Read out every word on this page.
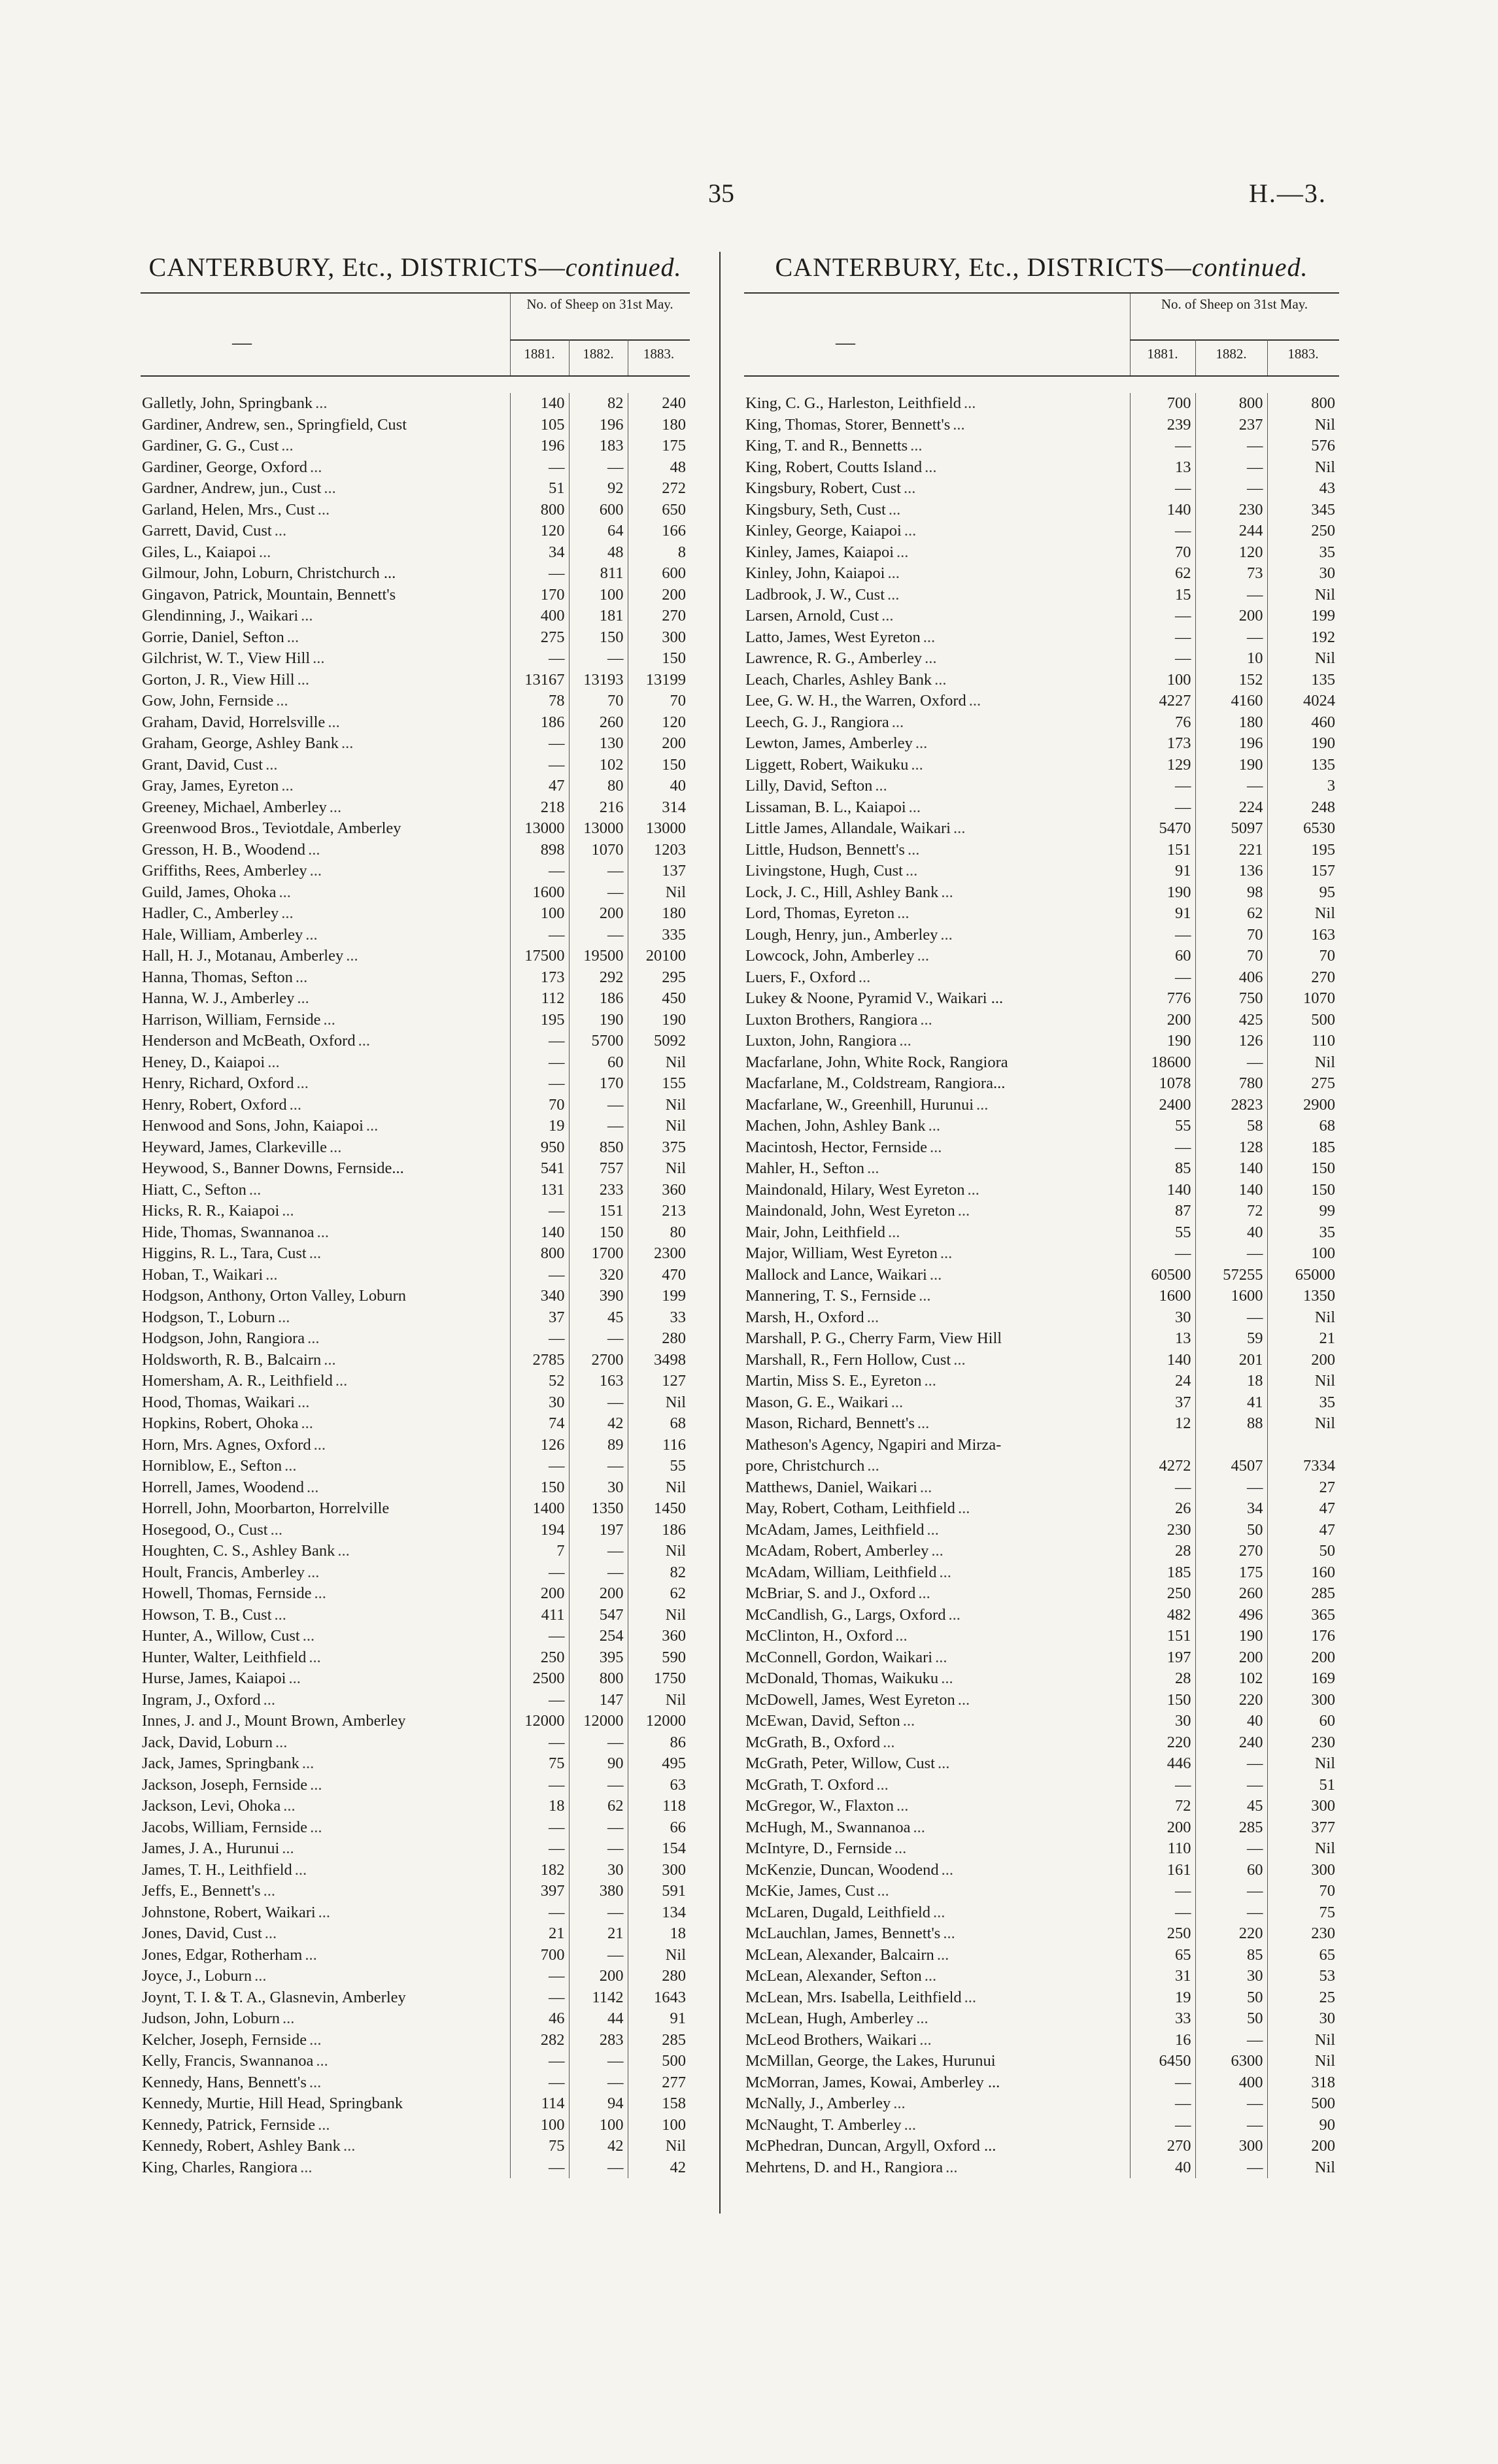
35	H.—3.
CANTERBURY, Etc., DISTRICTS—continued.
—
No. of Sheep on 31st May.
1881.	1882.	1883.
Galletly, John, Springbank ...	140	82	240
Gardiner, Andrew, sen., Springfield, Cust	105	196	180
Gardiner, G. G., Cust ...	196	183	175
Gardiner, George, Oxford ...	—	—	48
Gardner, Andrew, jun., Cust ...	51	92	272
Garland, Helen, Mrs., Cust ...	800	600	650
Garrett, David, Cust ...	120	64	166
Giles, L., Kaiapoi ...	34	48	8
Gilmour, John, Loburn, Christchurch ...	—	811	600
Gingavon, Patrick, Mountain, Bennett's	170	100	200
Glendinning, J., Waikari ...	400	181	270
Gorrie, Daniel, Sefton ...	275	150	300
Gilchrist, W. T., View Hill ...	—	—	150
Gorton, J. R., View Hill ...	13167	13193	13199
Gow, John, Fernside ...	78	70	70
Graham, David, Horrelsville ...	186	260	120
Graham, George, Ashley Bank ...	—	130	200
Grant, David, Cust ...	—	102	150
Gray, James, Eyreton ...	47	80	40
Greeney, Michael, Amberley ...	218	216	314
Greenwood Bros., Teviotdale, Amberley	13000	13000	13000
Gresson, H. B., Woodend ...	898	1070	1203
Griffiths, Rees, Amberley ...	—	—	137
Guild, James, Ohoka ...	1600	—	Nil
Hadler, C., Amberley ...	100	200	180
Hale, William, Amberley ...	—	—	335
Hall, H. J., Motanau, Amberley ...	17500	19500	20100
Hanna, Thomas, Sefton ...	173	292	295
Hanna, W. J., Amberley ...	112	186	450
Harrison, William, Fernside ...	195	190	190
Henderson and McBeath, Oxford ...	—	5700	5092
Heney, D., Kaiapoi ...	—	60	Nil
Henry, Richard, Oxford ...	—	170	155
Henry, Robert, Oxford ...	70	—	Nil
Henwood and Sons, John, Kaiapoi ...	19	—	Nil
Heyward, James, Clarkeville ...	950	850	375
Heywood, S., Banner Downs, Fernside...	541	757	Nil
Hiatt, C., Sefton ...	131	233	360
Hicks, R. R., Kaiapoi ...	—	151	213
Hide, Thomas, Swannanoa ...	140	150	80
Higgins, R. L., Tara, Cust ...	800	1700	2300
Hoban, T., Waikari ...	—	320	470
Hodgson, Anthony, Orton Valley, Loburn	340	390	199
Hodgson, T., Loburn ...	37	45	33
Hodgson, John, Rangiora ...	—	—	280
Holdsworth, R. B., Balcairn ...	2785	2700	3498
Homersham, A. R., Leithfield ...	52	163	127
Hood, Thomas, Waikari ...	30	—	Nil
Hopkins, Robert, Ohoka ...	74	42	68
Horn, Mrs. Agnes, Oxford ...	126	89	116
Horniblow, E., Sefton ...	—	—	55
Horrell, James, Woodend ...	150	30	Nil
Horrell, John, Moorbarton, Horrelville	1400	1350	1450
Hosegood, O., Cust ...	194	197	186
Houghten, C. S., Ashley Bank ...	7	—	Nil
Hoult, Francis, Amberley ...	—	—	82
Howell, Thomas, Fernside ...	200	200	62
Howson, T. B., Cust ...	411	547	Nil
Hunter, A., Willow, Cust ...	—	254	360
Hunter, Walter, Leithfield ...	250	395	590
Hurse, James, Kaiapoi ...	2500	800	1750
Ingram, J., Oxford ...	—	147	Nil
Innes, J. and J., Mount Brown, Amberley	12000	12000	12000
Jack, David, Loburn ...	—	—	86
Jack, James, Springbank ...	75	90	495
Jackson, Joseph, Fernside ...	—	—	63
Jackson, Levi, Ohoka ...	18	62	118
Jacobs, William, Fernside ...	—	—	66
James, J. A., Hurunui ...	—	—	154
James, T. H., Leithfield ...	182	30	300
Jeffs, E., Bennett's ...	397	380	591
Johnstone, Robert, Waikari ...	—	—	134
Jones, David, Cust ...	21	21	18
Jones, Edgar, Rotherham ...	700	—	Nil
Joyce, J., Loburn ...	—	200	280
Joynt, T. I. & T. A., Glasnevin, Amberley	—	1142	1643
Judson, John, Loburn ...	46	44	91
Kelcher, Joseph, Fernside ...	282	283	285
Kelly, Francis, Swannanoa ...	—	—	500
Kennedy, Hans, Bennett's ...	—	—	277
Kennedy, Murtie, Hill Head, Springbank	114	94	158
Kennedy, Patrick, Fernside ...	100	100	100
Kennedy, Robert, Ashley Bank ...	75	42	Nil
King, Charles, Rangiora ...	—	—	42
CANTERBURY, Etc., DISTRICTS—continued.
—
No. of Sheep on 31st May.
1881.	1882.	1883.
King, C. G., Harleston, Leithfield ...	700	800	800
King, Thomas, Storer, Bennett's ...	239	237	Nil
King, T. and R., Bennetts ...	—	—	576
King, Robert, Coutts Island ...	13	—	Nil
Kingsbury, Robert, Cust ...	—	—	43
Kingsbury, Seth, Cust ...	140	230	345
Kinley, George, Kaiapoi ...	—	244	250
Kinley, James, Kaiapoi ...	70	120	35
Kinley, John, Kaiapoi ...	62	73	30
Ladbrook, J. W., Cust ...	15	—	Nil
Larsen, Arnold, Cust ...	—	200	199
Latto, James, West Eyreton ...	—	—	192
Lawrence, R. G., Amberley ...	—	10	Nil
Leach, Charles, Ashley Bank ...	100	152	135
Lee, G. W. H., the Warren, Oxford ...	4227	4160	4024
Leech, G. J., Rangiora ...	76	180	460
Lewton, James, Amberley ...	173	196	190
Liggett, Robert, Waikuku ...	129	190	135
Lilly, David, Sefton ...	—	—	3
Lissaman, B. L., Kaiapoi ...	—	224	248
Little James, Allandale, Waikari ...	5470	5097	6530
Little, Hudson, Bennett's ...	151	221	195
Livingstone, Hugh, Cust ...	91	136	157
Lock, J. C., Hill, Ashley Bank ...	190	98	95
Lord, Thomas, Eyreton ...	91	62	Nil
Lough, Henry, jun., Amberley ...	—	70	163
Lowcock, John, Amberley ...	60	70	70
Luers, F., Oxford ...	—	406	270
Lukey & Noone, Pyramid V., Waikari ...	776	750	1070
Luxton Brothers, Rangiora ...	200	425	500
Luxton, John, Rangiora ...	190	126	110
Macfarlane, John, White Rock, Rangiora	18600	—	Nil
Macfarlane, M., Coldstream, Rangiora...	1078	780	275
Macfarlane, W., Greenhill, Hurunui ...	2400	2823	2900
Machen, John, Ashley Bank ...	55	58	68
Macintosh, Hector, Fernside ...	—	128	185
Mahler, H., Sefton ...	85	140	150
Maindonald, Hilary, West Eyreton ...	140	140	150
Maindonald, John, West Eyreton ...	87	72	99
Mair, John, Leithfield ...	55	40	35
Major, William, West Eyreton ...	—	—	100
Mallock and Lance, Waikari ...	60500	57255	65000
Mannering, T. S., Fernside ...	1600	1600	1350
Marsh, H., Oxford ...	30	—	Nil
Marshall, P. G., Cherry Farm, View Hill	13	59	21
Marshall, R., Fern Hollow, Cust ...	140	201	200
Martin, Miss S. E., Eyreton ...	24	18	Nil
Mason, G. E., Waikari ...	37	41	35
Mason, Richard, Bennett's ...	12	88	Nil
Matheson's Agency, Ngapiri and Mirza-			
pore, Christchurch ...	4272	4507	7334
Matthews, Daniel, Waikari ...	—	—	27
May, Robert, Cotham, Leithfield ...	26	34	47
McAdam, James, Leithfield ...	230	50	47
McAdam, Robert, Amberley ...	28	270	50
McAdam, William, Leithfield ...	185	175	160
McBriar, S. and J., Oxford ...	250	260	285
McCandlish, G., Largs, Oxford ...	482	496	365
McClinton, H., Oxford ...	151	190	176
McConnell, Gordon, Waikari ...	197	200	200
McDonald, Thomas, Waikuku ...	28	102	169
McDowell, James, West Eyreton ...	150	220	300
McEwan, David, Sefton ...	30	40	60
McGrath, B., Oxford ...	220	240	230
McGrath, Peter, Willow, Cust ...	446	—	Nil
McGrath, T. Oxford ...	—	—	51
McGregor, W., Flaxton ...	72	45	300
McHugh, M., Swannanoa ...	200	285	377
McIntyre, D., Fernside ...	110	—	Nil
McKenzie, Duncan, Woodend ...	161	60	300
McKie, James, Cust ...	—	—	70
McLaren, Dugald, Leithfield ...	—	—	75
McLauchlan, James, Bennett's ...	250	220	230
McLean, Alexander, Balcairn ...	65	85	65
McLean, Alexander, Sefton ...	31	30	53
McLean, Mrs. Isabella, Leithfield ...	19	50	25
McLean, Hugh, Amberley ...	33	50	30
McLeod Brothers, Waikari ...	16	—	Nil
McMillan, George, the Lakes, Hurunui	6450	6300	Nil
McMorran, James, Kowai, Amberley ...	—	400	318
McNally, J., Amberley ...	—	—	500
McNaught, T. Amberley ...	—	—	90
McPhedran, Duncan, Argyll, Oxford ...	270	300	200
Mehrtens, D. and H., Rangiora ...	40	—	Nil
